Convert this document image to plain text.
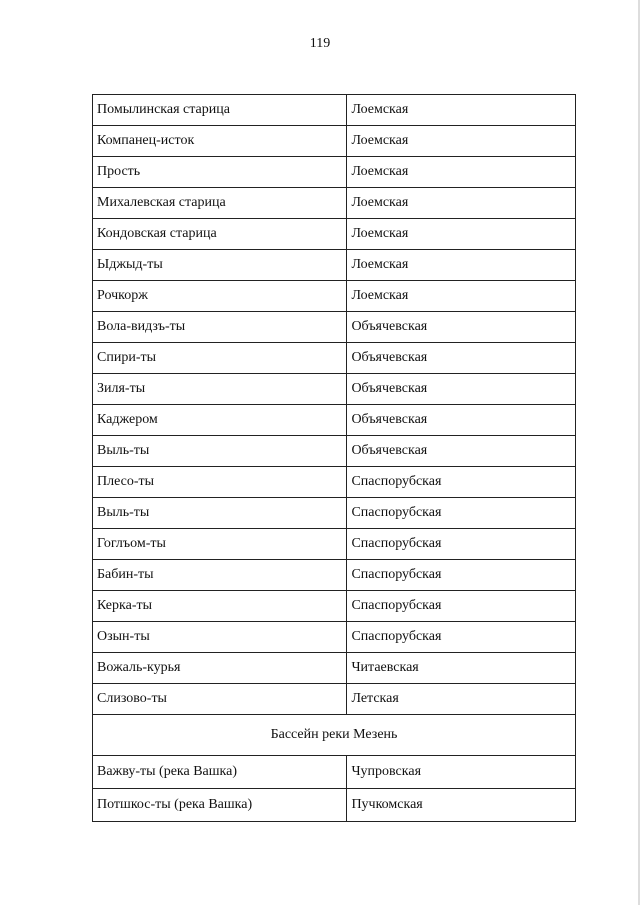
119
Помылинская старица	Лоемская
Компанец-исток	Лоемская
Прость	Лоемская
Михалевская старица	Лоемская
Кондовская старица	Лоемская
Ыджыд-ты	Лоемская
Рочкорж	Лоемская
Вола-видзъ-ты	Объячевская
Спири-ты	Объячевская
Зиля-ты	Объячевская
Каджером	Объячевская
Выль-ты	Объячевская
Плесо-ты	Спаспорубская
Выль-ты	Спаспорубская
Гоглъом-ты	Спаспорубская
Бабин-ты	Спаспорубская
Керка-ты	Спаспорубская
Озын-ты	Спаспорубская
Вожаль-курья	Читаевская
Слизово-ты	Летская
Бассейн реки Мезень	
Важву-ты (река Вашка)	Чупровская
Потшкос-ты (река Вашка)	Пучкомская
